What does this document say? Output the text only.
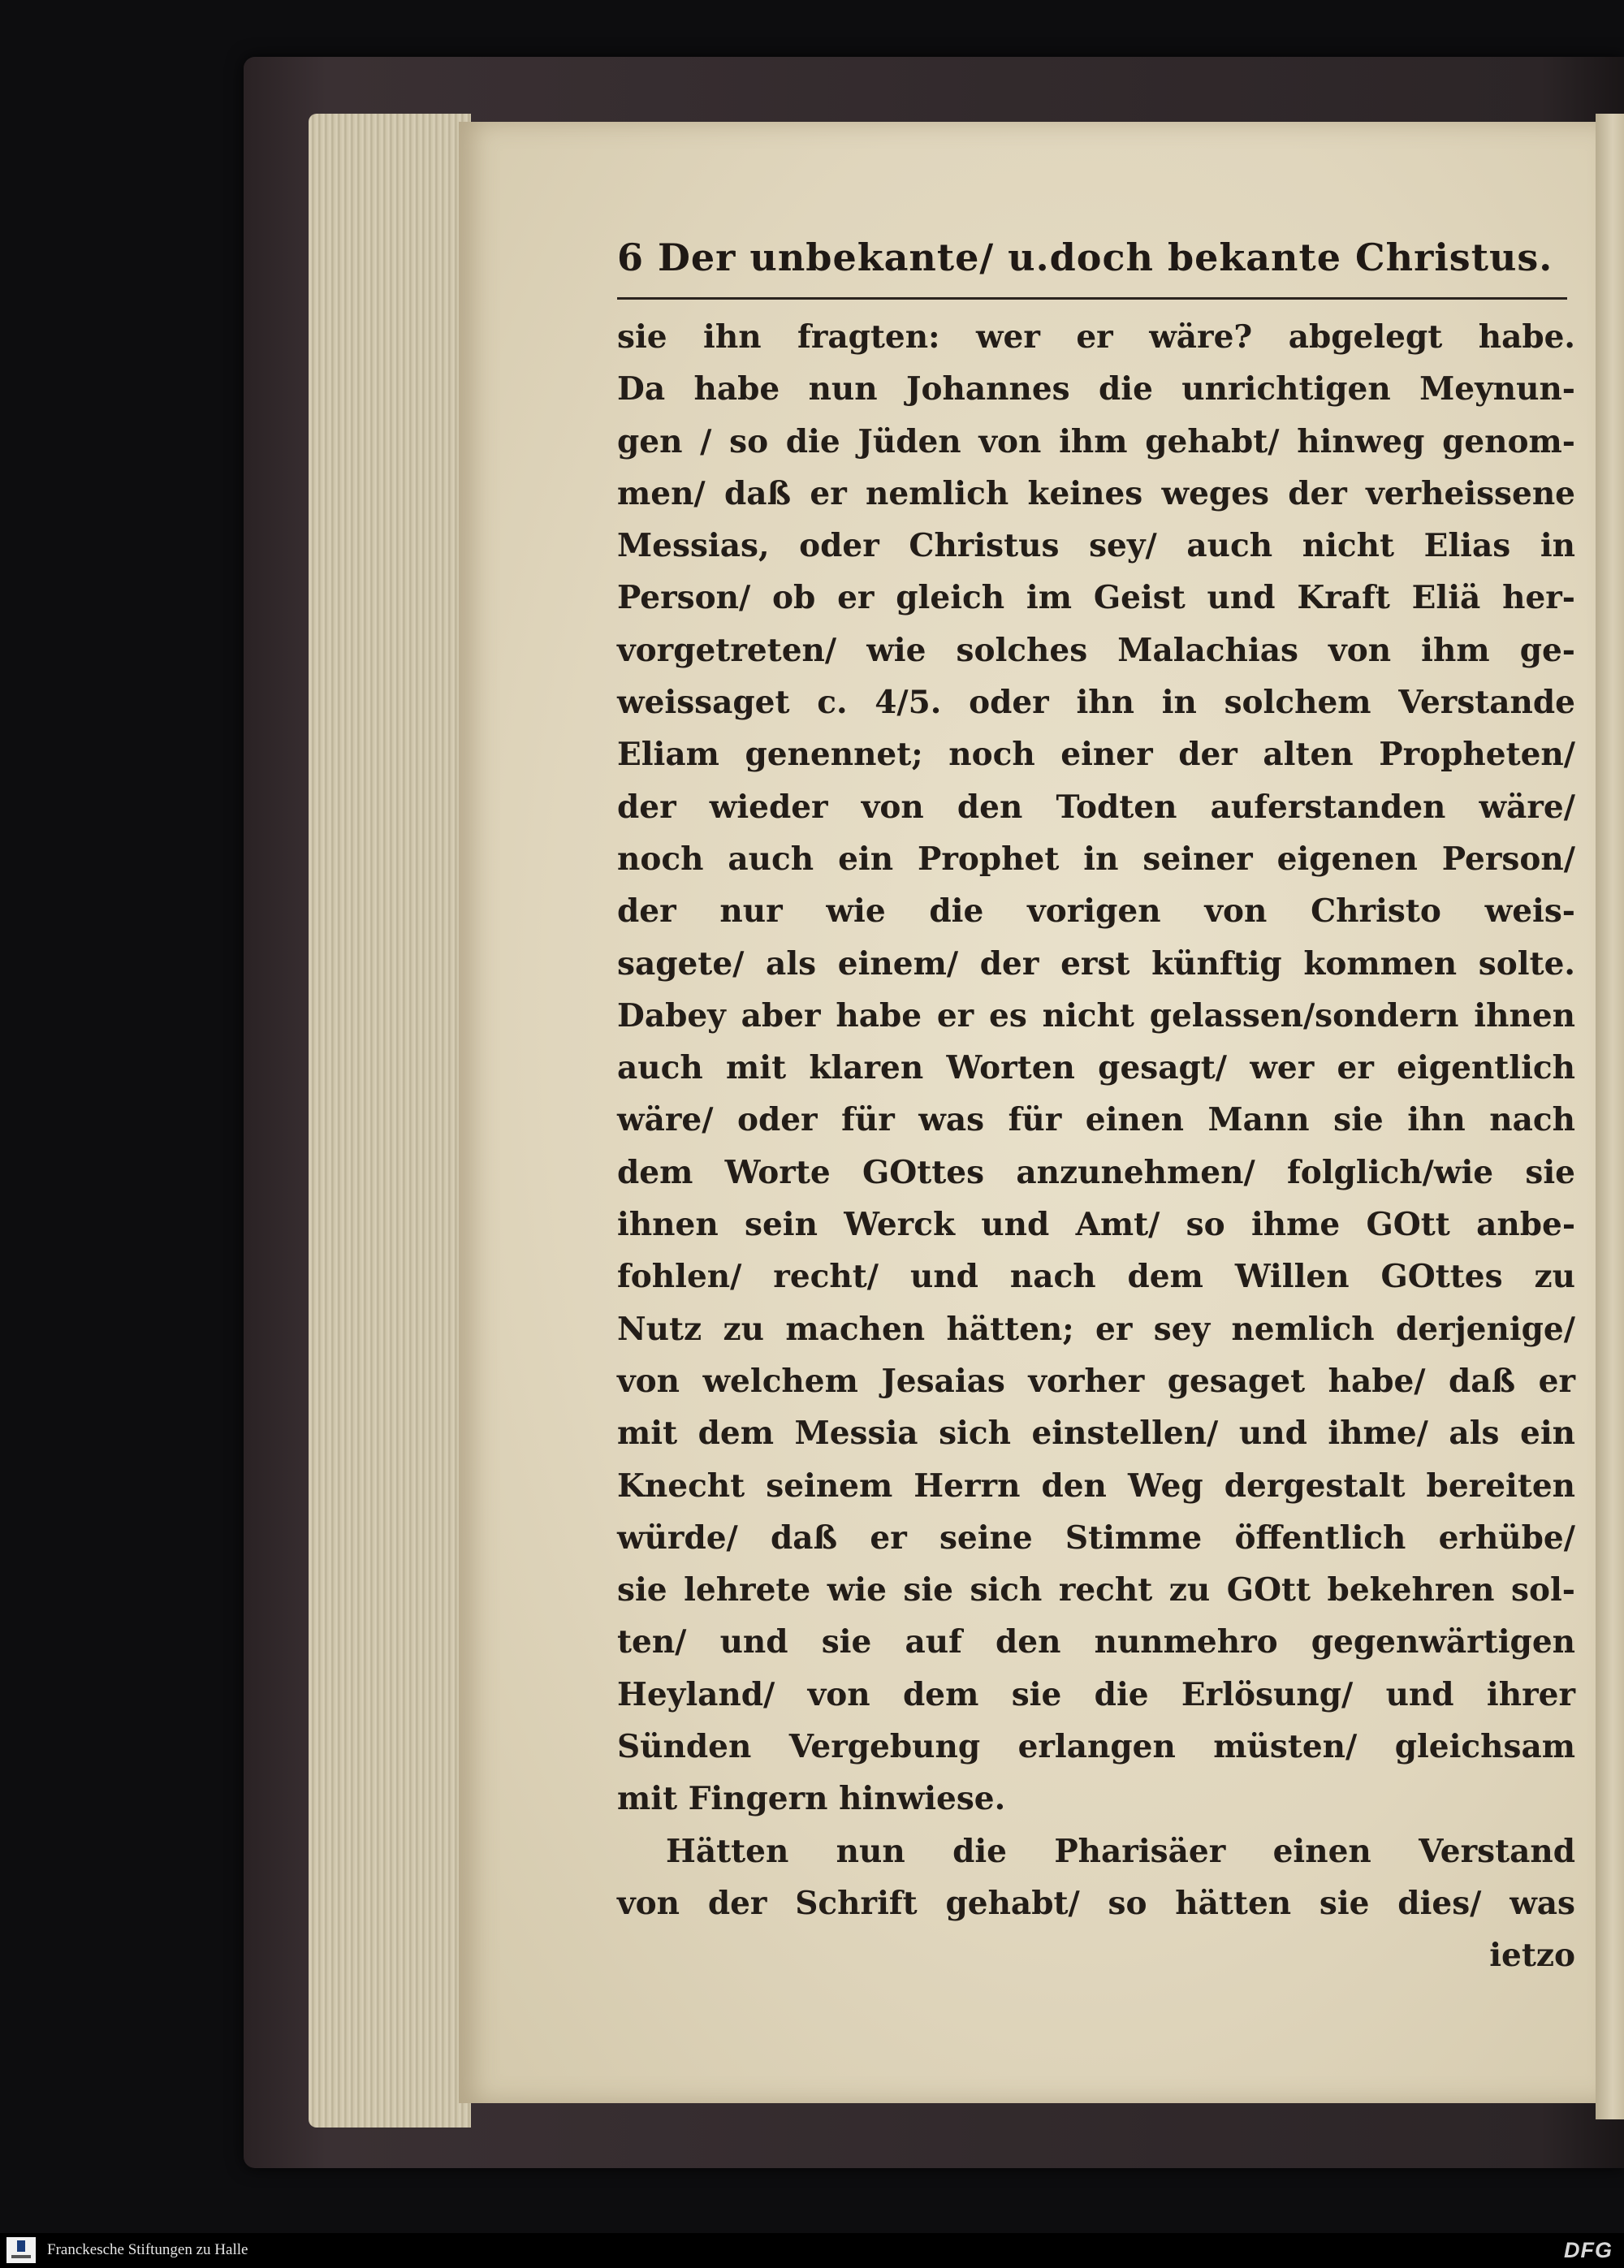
6 Der unbekante/ u.doch bekante Christus.
sie ihn fragten: wer er wäre? abgelegt habe.
Da habe nun Johannes die unrichtigen Meynun-
gen / so die Jüden von ihm gehabt/ hinweg genom-
men/ daß er nemlich keines weges der verheissene
Messias, oder Christus sey/ auch nicht Elias in
Person/ ob er gleich im Geist und Kraft Eliä her-
vorgetreten/ wie solches Malachias von ihm ge-
weissaget c. 4/5. oder ihn in solchem Verstande
Eliam genennet; noch einer der alten Propheten/
der wieder von den Todten auferstanden wäre/
noch auch ein Prophet in seiner eigenen Person/
der nur wie die vorigen von Christo weis-
sagete/ als einem/ der erst künftig kommen solte.
Dabey aber habe er es nicht gelassen/sondern ihnen
auch mit klaren Worten gesagt/ wer er eigentlich
wäre/ oder für was für einen Mann sie ihn nach
dem Worte GOttes anzunehmen/ folglich/wie sie
ihnen sein Werck und Amt/ so ihme GOtt anbe-
fohlen/ recht/ und nach dem Willen GOttes zu
Nutz zu machen hätten; er sey nemlich derjenige/
von welchem Jesaias vorher gesaget habe/ daß er
mit dem Messia sich einstellen/ und ihme/ als ein
Knecht seinem Herrn den Weg dergestalt bereiten
würde/ daß er seine Stimme öffentlich erhübe/
sie lehrete wie sie sich recht zu GOtt bekehren sol-
ten/ und sie auf den nunmehro gegenwärtigen
Heyland/ von dem sie die Erlösung/ und ihrer
Sünden Vergebung erlangen müsten/ gleichsam
mit Fingern hinwiese.
Hätten nun die Pharisäer einen Verstand
von der Schrift gehabt/ so hätten sie dies/ was
ietzo
Franckesche Stiftungen zu Halle	DFG
